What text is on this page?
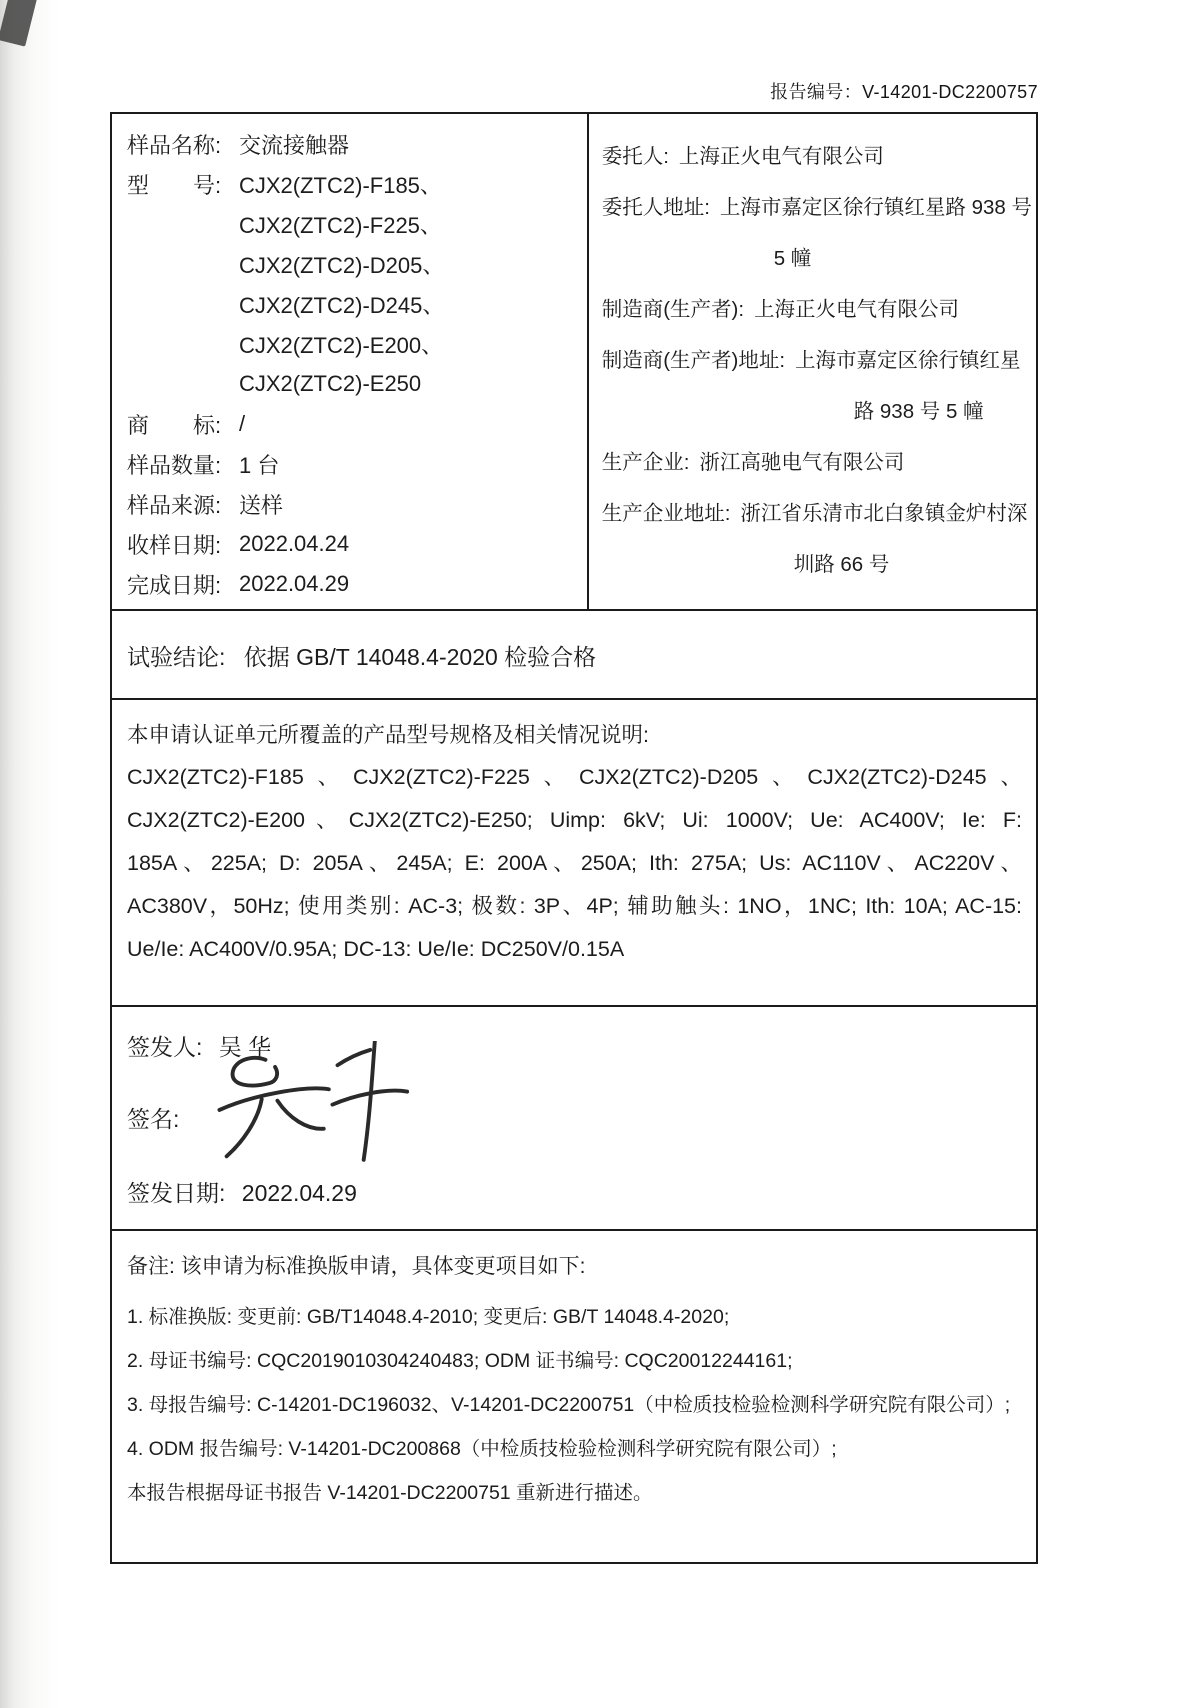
报告编号：V-14201-DC2200757
样品名称: 交流接触器
型　　号: CJX2(ZTC2)-F185、
CJX2(ZTC2)-F225、
CJX2(ZTC2)-D205、
CJX2(ZTC2)-D245、
CJX2(ZTC2)-E200、
CJX2(ZTC2)-E250
商　　标: /
样品数量: 1 台
样品来源: 送样
收样日期: 2022.04.24
完成日期: 2022.04.29
委托人: 上海正火电气有限公司
委托人地址: 上海市嘉定区徐行镇红星路 938 号
5 幢
制造商(生产者): 上海正火电气有限公司
制造商(生产者)地址: 上海市嘉定区徐行镇红星
路 938 号 5 幢
生产企业: 浙江高驰电气有限公司
生产企业地址: 浙江省乐清市北白象镇金炉村深
圳路 66 号
试验结论: 依据 GB/T 14048.4-2020 检验合格
本申请认证单元所覆盖的产品型号规格及相关情况说明:
CJX2(ZTC2)-F185、CJX2(ZTC2)-F225、CJX2(ZTC2)-D205、CJX2(ZTC2)-D245、
CJX2(ZTC2)-E200、CJX2(ZTC2)-E250; Uimp: 6kV; Ui: 1000V; Ue: AC400V; Ie: F:
185A、225A; D: 205A、245A; E: 200A、250A; Ith: 275A; Us: AC110V、AC220V、
AC380V，50Hz; 使用类别: AC-3; 极数: 3P、4P; 辅助触头: 1NO，1NC; Ith: 10A; AC-15:
Ue/Ie: AC400V/0.95A; DC-13: Ue/Ie: DC250V/0.15A
签发人: 吴 华
签名:
签发日期: 2022.04.29
备注: 该申请为标准换版申请，具体变更项目如下:
1. 标准换版: 变更前: GB/T14048.4-2010; 变更后: GB/T 14048.4-2020;
2. 母证书编号: CQC2019010304240483; ODM 证书编号: CQC20012244161;
3. 母报告编号: C-14201-DC196032、V-14201-DC2200751（中检质技检验检测科学研究院有限公司）;
4. ODM 报告编号: V-14201-DC200868（中检质技检验检测科学研究院有限公司）;
本报告根据母证书报告 V-14201-DC2200751 重新进行描述。
